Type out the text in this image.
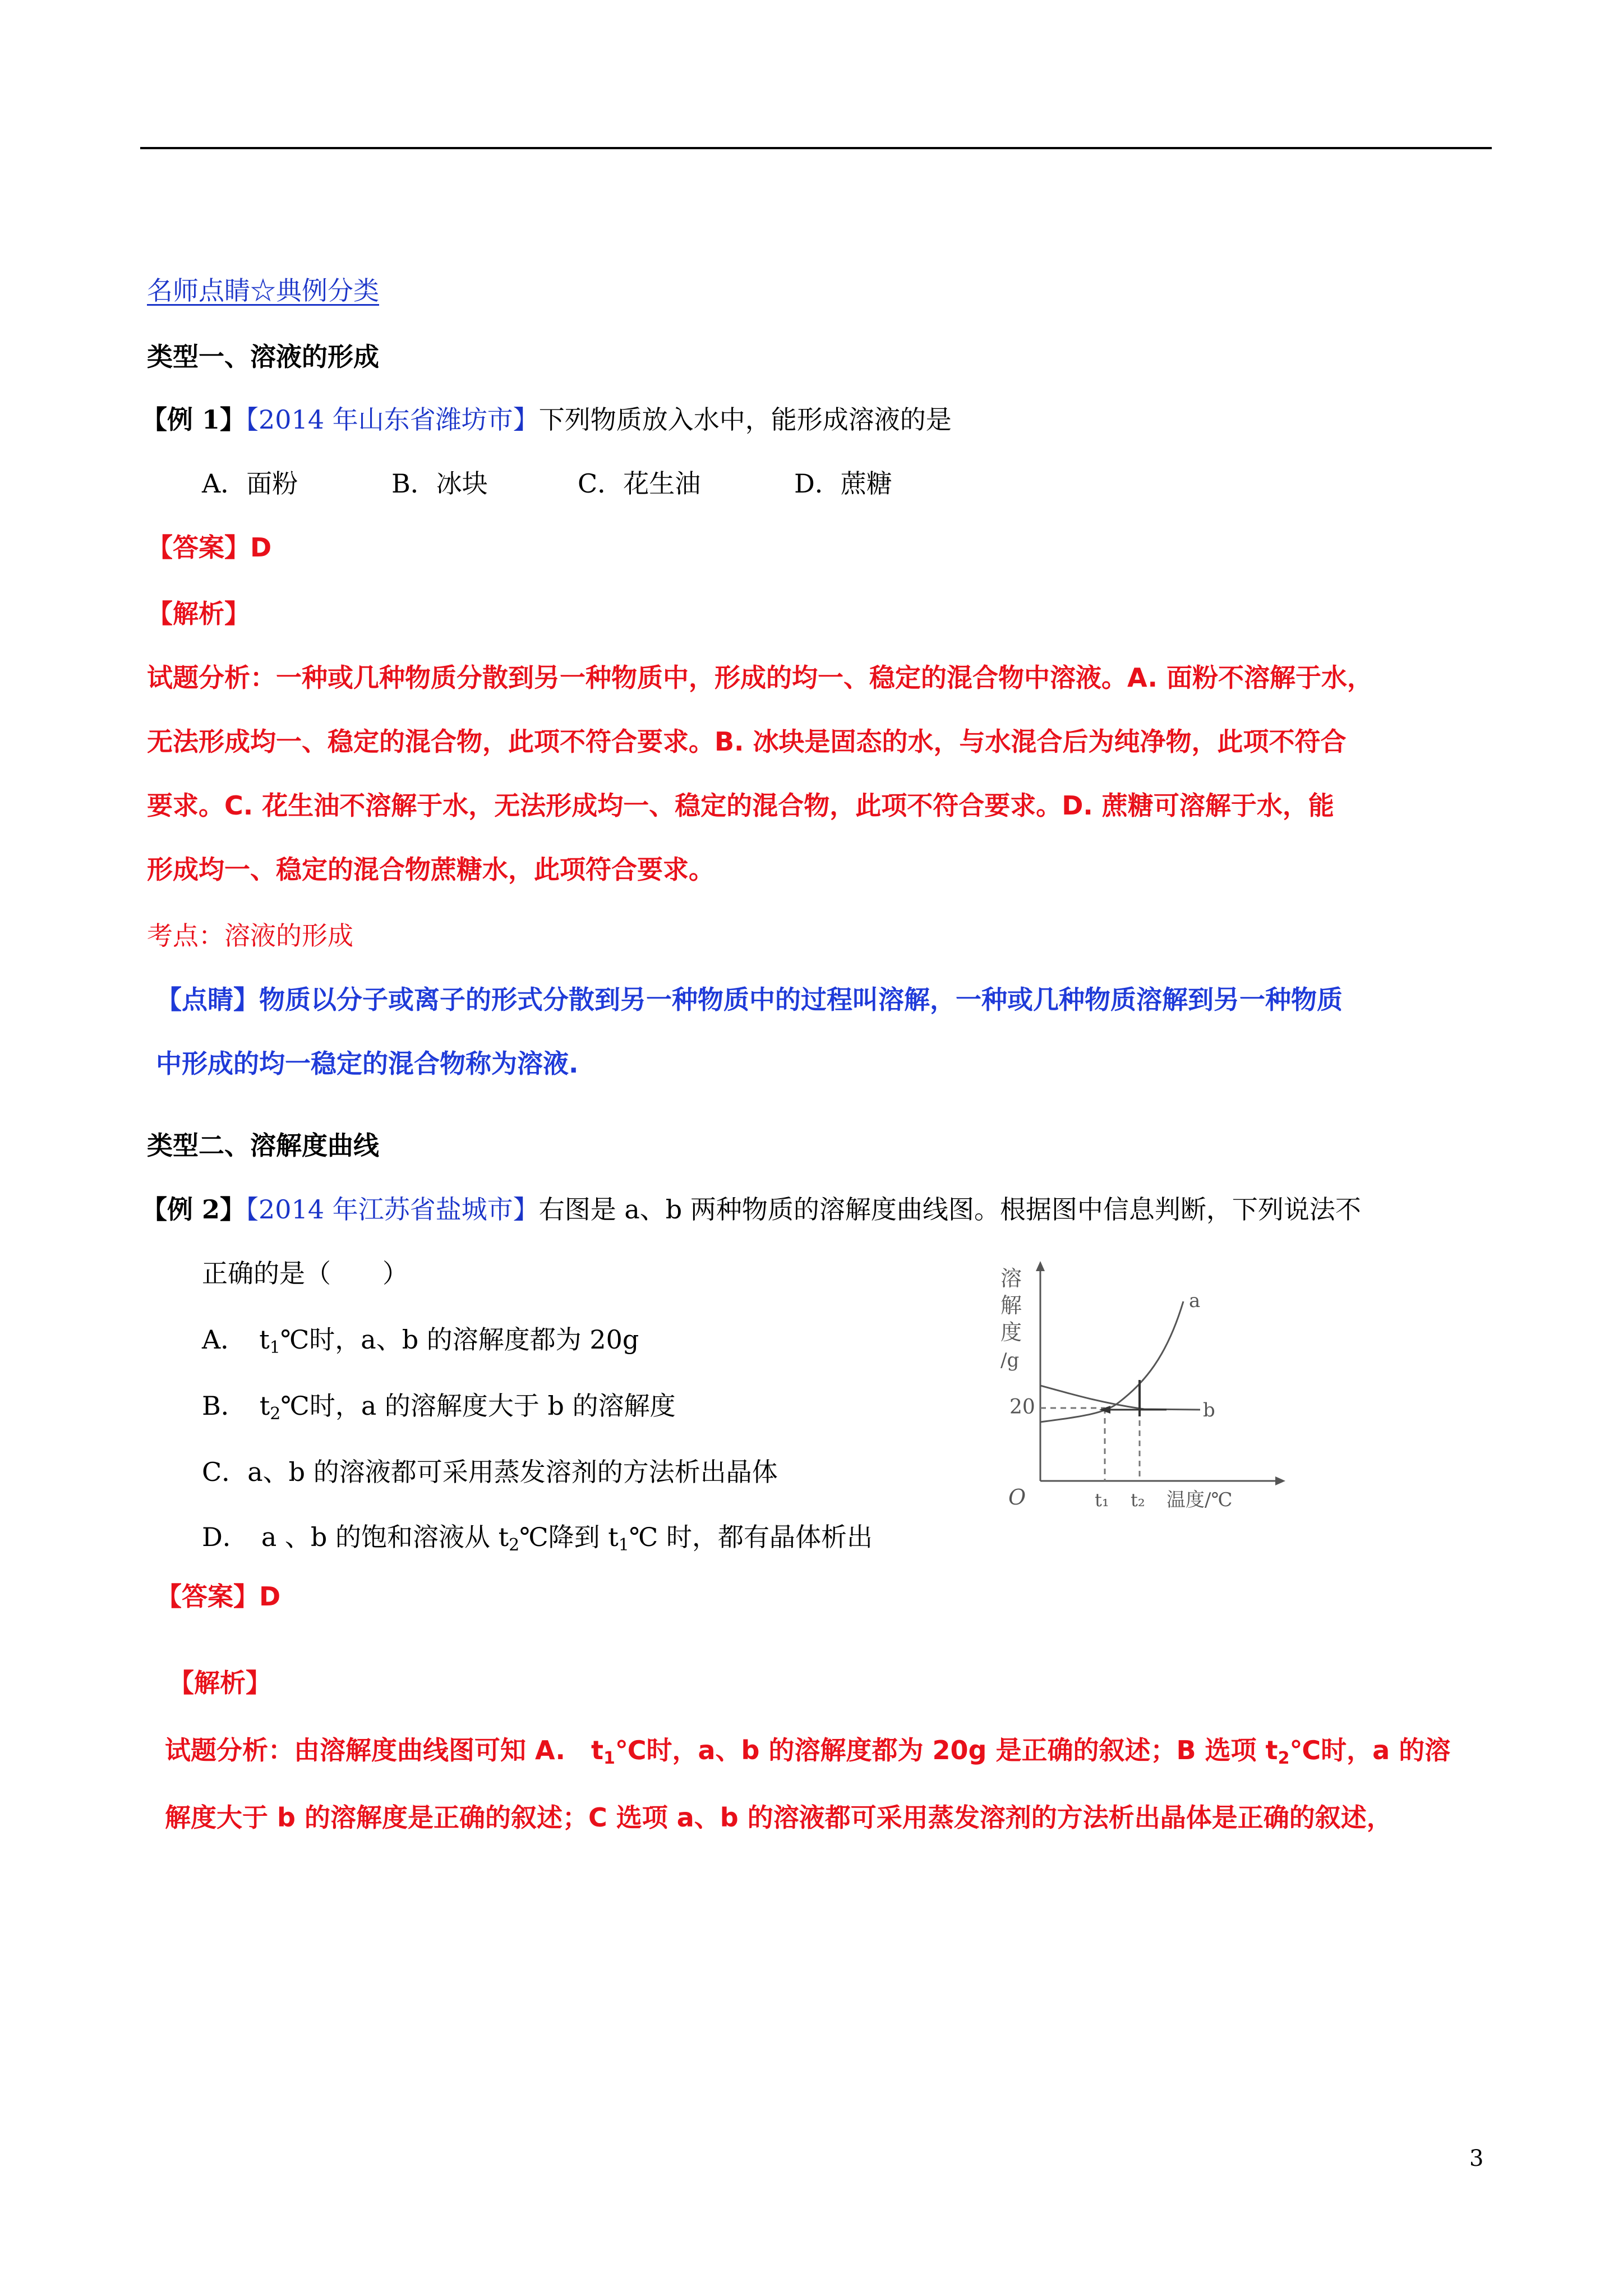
名师点睛☆典例分类
类型一、溶液的形成
【例 1】【2014 年山东省潍坊市】下列物质放入水中，能形成溶液的是
A．面粉	B．冰块	C．花生油	D．蔗糖
【答案】D
【解析】
试题分析：一种或几种物质分散到另一种物质中，形成的均一、稳定的混合物中溶液。A. 面粉不溶解于水，
无法形成均一、稳定的混合物，此项不符合要求。B. 冰块是固态的水，与水混合后为纯净物，此项不符合
要求。C. 花生油不溶解于水，无法形成均一、稳定的混合物，此项不符合要求。D. 蔗糖可溶解于水，能
形成均一、稳定的混合物蔗糖水，此项符合要求。
考点：溶液的形成
【点睛】物质以分子或离子的形式分散到另一种物质中的过程叫溶解，一种或几种物质溶解到另一种物质
中形成的均一稳定的混合物称为溶液.
类型二、溶解度曲线
【例 2】【2014 年江苏省盐城市】右图是 a、b 两种物质的溶解度曲线图。根据图中信息判断，下列说法不
正确的是（　　）
A．　$t_1℃$时，a、b 的溶解度都为 20g
B．　$t_2℃$时，a 的溶解度大于 b 的溶解度
C．a、b 的溶液都可采用蒸发溶剂的方法析出晶体
D．　a 、b 的饱和溶液从 $t_2℃$降到 $t_1℃$ 时，都有晶体析出
【答案】D
【解析】
试题分析：由溶解度曲线图可知 A.　$t_1℃$时，a、b 的溶解度都为 20g 是正确的叙述；B 选项 $t_2℃$时，a 的溶
解度大于 b 的溶解度是正确的叙述；C 选项 a、b 的溶液都可采用蒸发溶剂的方法析出晶体是正确的叙述，
溶
解
度
/g
20
O
a
b
t₁ t₂ 温度/℃
3
